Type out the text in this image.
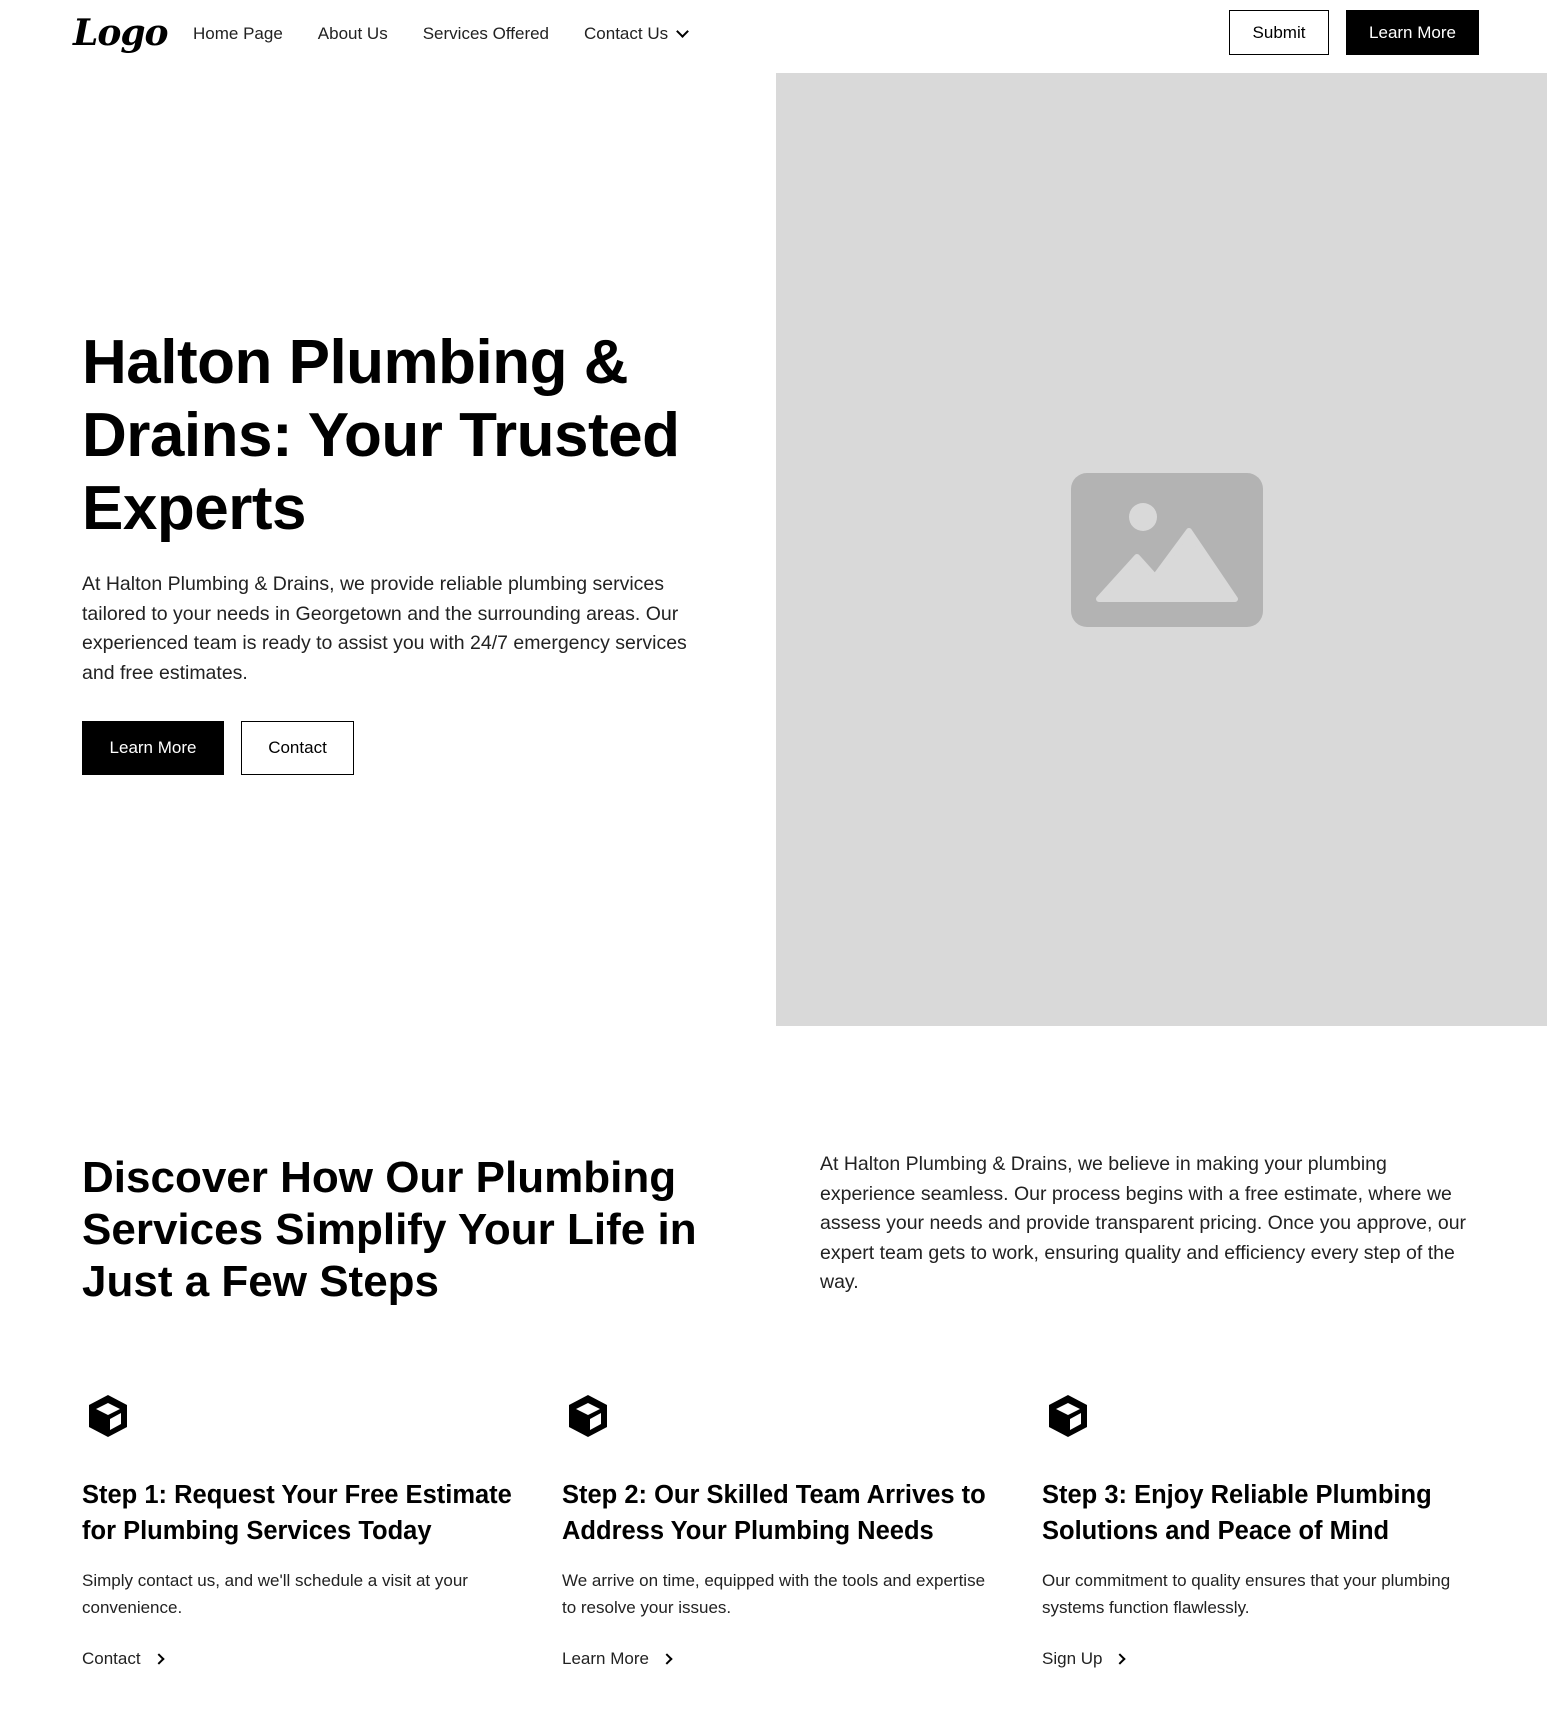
Logo Home Page About Us Services Offered Contact Us	Submit	Learn More
Halton Plumbing & Drains: Your Trusted Experts

At Halton Plumbing & Drains, we provide reliable plumbing services tailored to your needs in Georgetown and the surrounding areas. Our experienced team is ready to assist you with 24/7 emergency services and free estimates.

Learn More	Contact
Discover How Our Plumbing Services Simplify Your Life in Just a Few Steps

At Halton Plumbing & Drains, we believe in making your plumbing experience seamless. Our process begins with a free estimate, where we assess your needs and provide transparent pricing. Once you approve, our expert team gets to work, ensuring quality and efficiency every step of the way.

Step 1: Request Your Free Estimate for Plumbing Services Today

Simply contact us, and we'll schedule a visit at your convenience.

Contact
Step 2: Our Skilled Team Arrives to Address Your Plumbing Needs

We arrive on time, equipped with the tools and expertise to resolve your issues.

Learn More
Step 3: Enjoy Reliable Plumbing Solutions and Peace of Mind

Our commitment to quality ensures that your plumbing systems function flawlessly.

Sign Up
